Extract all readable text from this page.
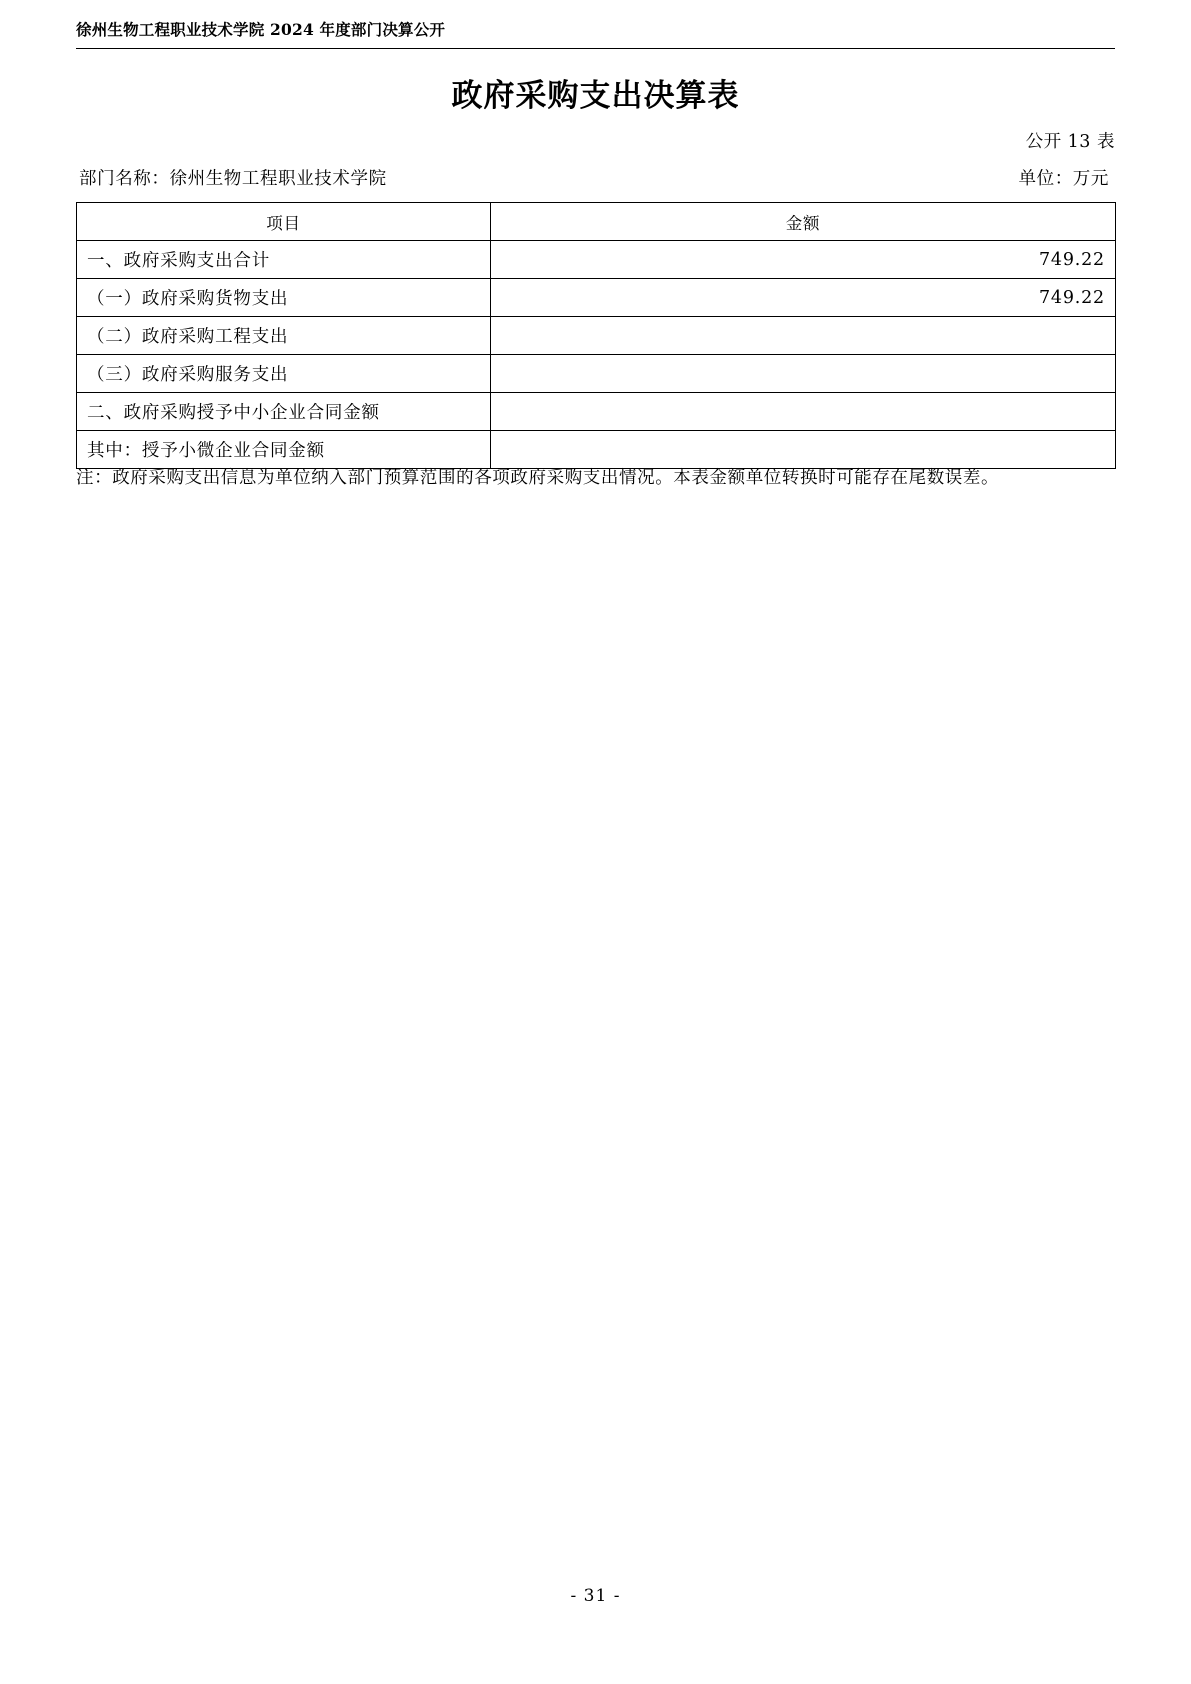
徐州生物工程职业技术学院 2024 年度部门决算公开
政府采购支出决算表
公开 13 表
部门名称：徐州生物工程职业技术学院	单位：万元
项目	金额
一、政府采购支出合计	749.22
（一）政府采购货物支出	749.22
（二）政府采购工程支出	
（三）政府采购服务支出	
二、政府采购授予中小企业合同金额	
其中：授予小微企业合同金额	
注：政府采购支出信息为单位纳入部门预算范围的各项政府采购支出情况。本表金额单位转换时可能存在尾数误差。
- 31 -
